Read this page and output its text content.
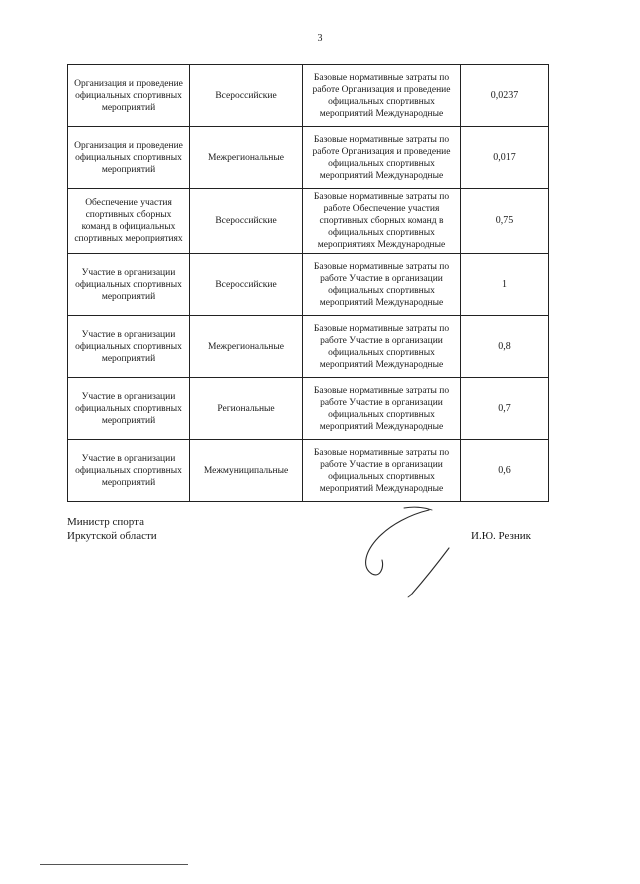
3
Организация и проведение официальных спортивных мероприятий	Всероссийские	Базовые нормативные затраты по работе Организация и проведение официальных спортивных мероприятий Международные	0,0237
Организация и проведение официальных спортивных мероприятий	Межрегиональные	Базовые нормативные затраты по работе Организация и проведение официальных спортивных мероприятий Международные	0,017
Обеспечение участия спортивных сборных команд в официальных спортивных мероприятиях	Всероссийские	Базовые нормативные затраты по работе Обеспечение участия спортивных сборных команд в официальных спортивных мероприятиях Международные	0,75
Участие в организации официальных спортивных мероприятий	Всероссийские	Базовые нормативные затраты по работе Участие в организации официальных спортивных мероприятий Международные	1
Участие в организации официальных спортивных мероприятий	Межрегиональные	Базовые нормативные затраты по работе Участие в организации официальных спортивных мероприятий Международные	0,8
Участие в организации официальных спортивных мероприятий	Региональные	Базовые нормативные затраты по работе Участие в организации официальных спортивных мероприятий Международные	0,7
Участие в организации официальных спортивных мероприятий	Межмуниципальные	Базовые нормативные затраты по работе Участие в организации официальных спортивных мероприятий Международные	0,6
Министр спорта
Иркутской области	И.Ю. Резник
